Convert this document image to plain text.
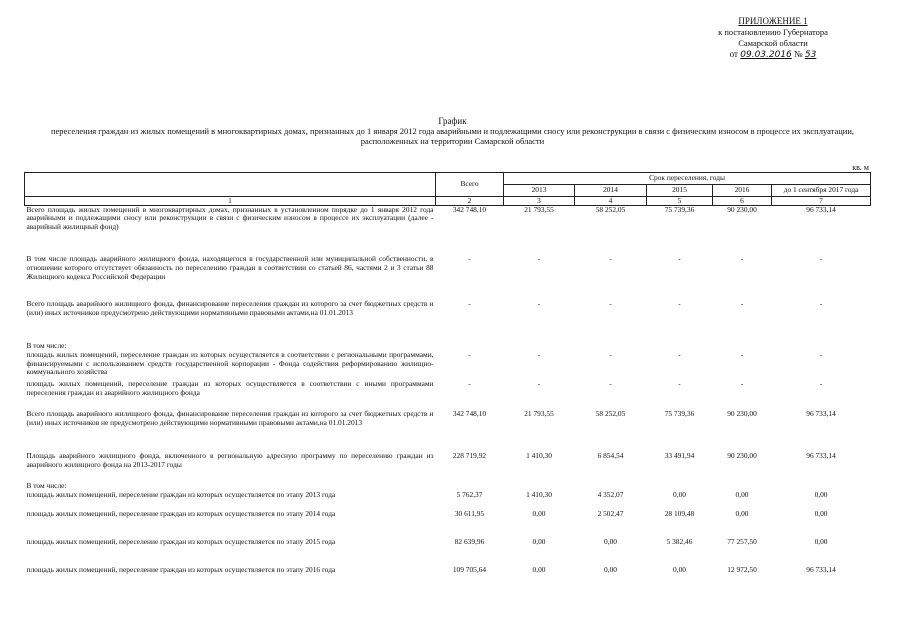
ПРИЛОЖЕНИЕ 1
к постановлению Губернатора
Самарской области
от 09.03.2016 № 53
График
переселения граждан из жилых помещений в многоквартирных домах, признанных до 1 января 2012 года аварийными и подлежащими сносу или реконструкции в связи с физическим износом в процессе их эксплуатации, расположенных на территории Самарской области
кв. м
	Всего	Срок переселения, годы				
		2013	2014	2015	2016	до 1 сентября 2017 года
1	2	3	4	5	6	7
Всего площадь жилых помещений в многоквартирных домах, признанных в установленном порядке до 1 января 2012 года аварийными и подлежащими сносу или реконструкции в связи с физическим износом в процессе их эксплуатации (далее - аварийный жилищный фонд)	342 748,10	21 793,55	58 252,05	75 739,36	90 230,00	96 733,14
В том числе площадь аварийного жилищного фонда, находящегося в государственной или муниципальной собственности, в отношении которого отсутствует обязанность по переселению граждан в соответствии со статьей 86, частями 2 и 3 статьи 88 Жилищного кодекса Российской Федерации	-	-	-	-	-	-
Всего площадь аварийного жилищного фонда, финансирование переселения граждан из которого за счет бюджетных средств и (или) иных источников предусмотрено действующими нормативными правовыми актами,на 01.01.2013	-	-	-	-	-	-

В том числе:
площадь жилых помещений, переселение граждан из которых осуществляется в соответствии с региональными программами, финансируемыми с использованием средств государственной корпорации - Фонда содействия реформированию жилищно-коммунального хозяйства	-	-	-	-	-	-
площадь жилых помещений, переселение граждан из которых осуществляется в соответствии с иными программами переселения граждан из аварийного жилищного фонда	-	-	-	-	-	-
Всего площадь аварийного жилищного фонда, финансирование переселения граждан из которого за счет бюджетных средств и (или) иных источников не предусмотрено действующими нормативными правовыми актами,на 01.01.2013	342 748,10	21 793,55	58 252,05	75 739,36	90 230,00	96 733,14
Площадь аварийного жилищного фонда, включенного в региональную адресную программу по переселению граждан из аварийного жилищного фонда на 2013-2017 годы	228 719,92	1 410,30	6 854,54	33 491,94	90 230,00	96 733,14

В том числе:
площадь жилых помещений, переселение граждан из которых осуществляется по этапу 2013 года	5 762,37	1 410,30	4 352,07	0,00	0,00	0,00
площадь жилых помещений, переселение граждан из которых осуществляется по этапу 2014 года	30 611,95	0,00	2 502,47	28 109,48	0,00	0,00
площадь жилых помещений, переселение граждан из которых осуществляется по этапу 2015 года	82 639,96	0,00	0,00	5 382,46	77 257,50	0,00
площадь жилых помещений, переселение граждан из которых осуществляется по этапу 2016 года	109 705,64	0,00	0,00	0,00	12 972,50	96 733,14
